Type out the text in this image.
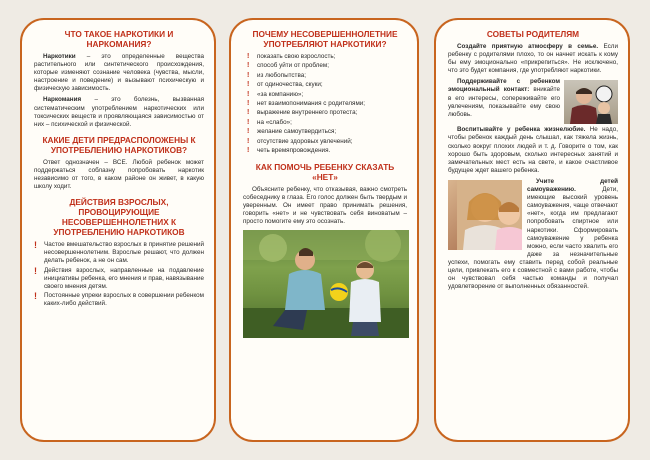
ЧТО ТАКОЕ НАРКОТИКИ И НАРКОМАНИЯ?

Наркотики – это определенные вещества растительного или синтетического происхождения, которые изменяют сознание человека (чувства, мысли, настроение и поведение) и вызывают психическую и физическую зависимость.

Наркомания – это болезнь, вызванная систематическим употреблением наркотических или токсических веществ и проявляющаяся зависимостью от них – психической и физической.

КАКИЕ ДЕТИ ПРЕДРАСПОЛОЖЕНЫ К УПОТРЕБЛЕНИЮ НАРКОТИКОВ?

Ответ однозначен – ВСЕ. Любой ребенок может поддержаться соблазну попробовать наркотик независимо от того, в каком районе он живет, в какую школу ходит.

ДЕЙСТВИЯ ВЗРОСЛЫХ, ПРОВОЦИРУЮЩИЕ НЕСОВЕРШЕННОЛЕТНИХ К УПОТРЕБЛЕНИЮ НАРКОТИКОВ
!	Частое вмешательство взрослых в принятие решений несовершеннолетним. Взрослые решают, что должен делать ребенок, а не он сам.
!	Действия взрослых, направленные на подавление инициативы ребенка, его мнения и прав, навязывание своего мнения детям.
!	Постоянные упреки взрослых в совершении ребенком каких-либо действий.
ПОЧЕМУ НЕСОВЕРШЕННОЛЕТНИЕ УПОТРЕБЛЯЮТ НАРКОТИКИ?
!	показать свою взрослость;
!	способ уйти от проблем;
!	из любопытства;
!	от одиночества, скуки;
!	«за компанию»;
!	нет взаимопонимания с родителями;
!	выражение внутреннего протеста;
!	на «слабо»;
!	желание самоутвердиться;
!	отсутствие здоровых увлечений;
!	четь времяпровождения.
КАК ПОМОЧЬ РЕБЕНКУ СКАЗАТЬ «НЕТ»

Объясните ребенку, что отказывая, важно смотреть собеседнику в глаза. Его голос должен быть твердым и уверенным. Он имеет право принимать решения, говорить «нет» и не чувствовать себя виноватым – просто помогите ему это осознать.

СОВЕТЫ РОДИТЕЛЯМ

Создайте приятную атмосферу в семье. Если ребенку с родителями плохо, то он начнет искать к кому бы ему эмоционально «прикрепиться». Не исключено, что это будет компания, где употребляют наркотики.

Поддерживайте с ребенком эмоциональный контакт: вникайте в его интересы, сопереживайте его увлечениям, показывайте ему свою любовь.

Воспитывайте у ребенка жизнелюбие. Не надо, чтобы ребенок каждый день слышал, как тяжела жизнь, сколько вокруг плохих людей и т. д. Говорите о том, как хорошо быть здоровым, сколько интересных занятий и замечательных мест есть на свете, и какое счастливое будущее ждет вашего ребенка.

Учите детей самоуважению. Дети, имеющие высокий уровень самоуважения, чаще отвечают «нет», когда им предлагают попробовать спиртное или наркотики. Сформировать самоуважение у ребенка можно, если часто хвалить его даже за незначительные успехи, помогать ему ставить перед собой реальные цели, привлекать его к совместной с вами работе, чтобы он чувствовал себя частью команды и получал удовлетворение от выполненных обязанностей.
